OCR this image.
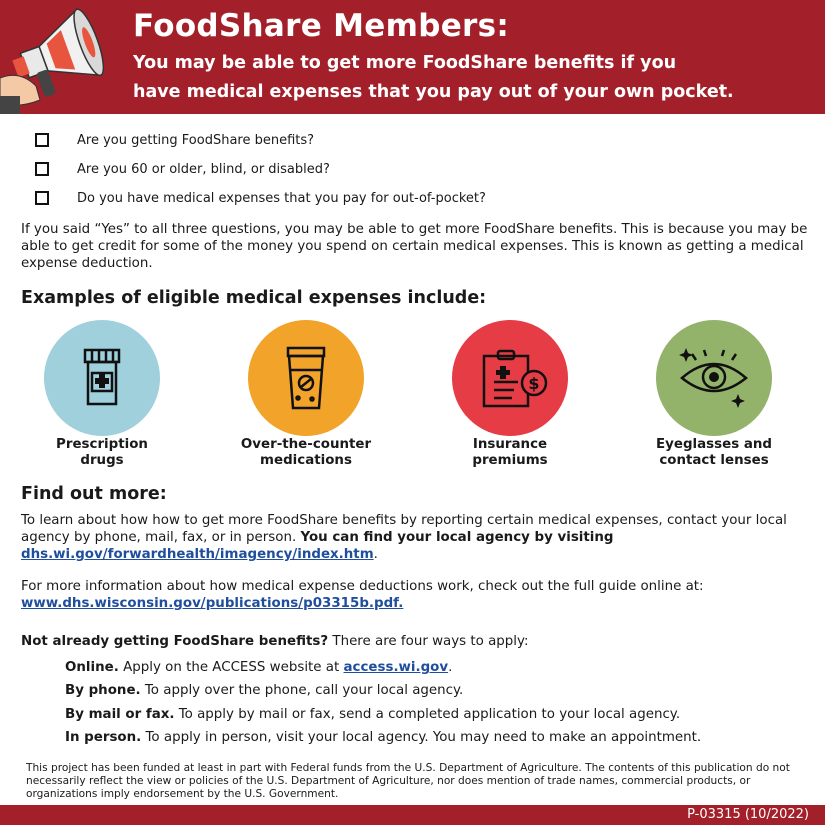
FoodShare Members:
You may be able to get more FoodShare benefits if you
have medical expenses that you pay out of your own pocket.
Are you getting FoodShare benefits?
Are you 60 or older, blind, or disabled?
Do you have medical expenses that you pay for out-of-pocket?
If you said “Yes” to all three questions, you may be able to get more FoodShare benefits. This is because you may be able to get credit for some of the money you spend on certain medical expenses. This is known as getting a medical expense deduction.
Examples of eligible medical expenses include:
$
Prescription
drugs
Over-the-counter
medications
Insurance
premiums
Eyeglasses and
contact lenses
Find out more:
To learn about how how to get more FoodShare benefits by reporting certain medical expenses, contact your local agency by phone, mail, fax, or in person. You can find your local agency by visiting dhs.wi.gov/forwardhealth/imagency/index.htm.
For more information about how medical expense deductions work, check out the full guide online at: www.dhs.wisconsin.gov/publications/p03315b.pdf.
Not already getting FoodShare benefits? There are four ways to apply:
Online. Apply on the ACCESS website at access.wi.gov.
By phone. To apply over the phone, call your local agency.
By mail or fax. To apply by mail or fax, send a completed application to your local agency.
In person. To apply in person, visit your local agency. You may need to make an appointment.
This project has been funded at least in part with Federal funds from the U.S. Department of Agriculture. The contents of this publication do not necessarily reflect the view or policies of the U.S. Department of Agriculture, nor does mention of trade names, commercial products, or organizations imply endorsement by the U.S. Government.
P-03315 (10/2022)
